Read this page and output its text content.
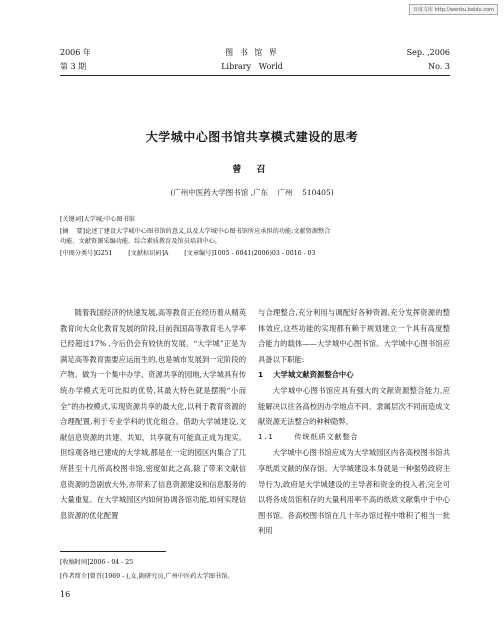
百度文库 http://wenku.baidu.com
2006 年
第 3 期
图 书 馆 界
Library   World
Sep. ,2006
No. 3
大学城中心图书馆共享模式建设的思考
曾 召
(广州中医药大学图书馆 ,广东    广州    510405)
[关键词]大学城;中心图书馆
[摘    要]论述了建设大学城中心图书馆的意义,以及大学城中心图书馆所应承担的功能:文献资源整合
功能、文献资源采编功能、综合素质教育及馆员培训中心。
[中图分类号]G251        [文献标识码]A        [文章编号]1005 - 6041(2006)03 - 0016 - 03

随着我国经济的快速发展,高等教育正在经历着从精英教育向大众化教育发展的阶段,目前我国高等教育毛入学率已经超过17% ,今后仍会有较快的发展。“大学城”正是为满足高等教育需要应运而生的,也是城市发展到一定阶段的产物。做为一个集中办学、资源共享的园地,大学城具有传统办学模式无可比拟的优势,其最大特色就是摆脱“小而全”的办校模式,实现资源共享的最大化,以利于教育资源的合理配置,利于专业学科的优化组合。借助大学城建设,文献信息资源的共建、共知、共享就有可能真正成为现实。但综观各地已建成的大学城,都是在一定的园区内集合了几所甚至十几所高校图书馆,密度如此之高,除了带来文献信息资源的急剧放大外,亦带来了信息资源建设和信息服务的大量重复。在大学城园区内如何协调各馆功能,如何实现信息资源的优化配置

与合理整合,充分利用与调配好各种资源,充分发挥资源的整体效应,这些功能的实现都有赖于规划建立一个具有高度整合能力的载体——大学城中心图书馆。大学城中心图书馆应具备以下职能:

1    大学城文献资源整合中心

大学城中心图书馆应具有强大的文献资源整合能力,应能解决以往各高校因办学地点不同、隶属层次不同而造成文献资源无法整合的种种隐弊。

1.1    传统纸质文献整合

大学城中心图书馆应成为大学城园区内各高校图书馆共享纸质文献的保存馆。大学城建设本身就是一种强势政府主导行为,政府是大学城建设的主导者和资金的投入者,完全可以将各成员馆积存的大量利用率不高的纸质文献集中于中心图书馆。各高校图书馆在几十年办馆过程中堆积了相当一批利用

[收稿时间]2006 - 04 - 25
[作者简介]曾召(1969 - ),女,副研究员,广州中医药大学图书馆。
16
